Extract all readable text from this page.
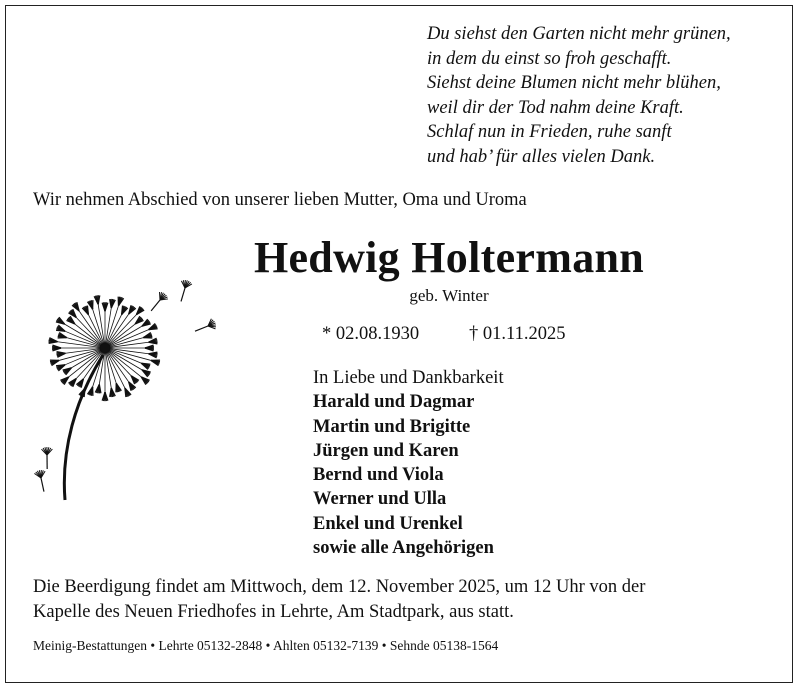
Du siehst den Garten nicht mehr grünen,
in dem du einst so froh geschafft.
Siehst deine Blumen nicht mehr blühen,
weil dir der Tod nahm deine Kraft.
Schlaf nun in Frieden, ruhe sanft
und hab’ für alles vielen Dank.
Wir nehmen Abschied von unserer lieben Mutter, Oma und Uroma
Hedwig Holtermann
geb. Winter
* 02.08.1930	† 01.11.2025
In Liebe und Dankbarkeit
Harald und Dagmar
Martin und Brigitte
Jürgen und Karen
Bernd und Viola
Werner und Ulla
Enkel und Urenkel
sowie alle Angehörigen
Die Beerdigung findet am Mittwoch, dem 12. November 2025, um 12 Uhr von der
Kapelle des Neuen Friedhofes in Lehrte, Am Stadtpark, aus statt.
Meinig-Bestattungen • Lehrte 05132-2848 • Ahlten 05132-7139 • Sehnde 05138-1564
